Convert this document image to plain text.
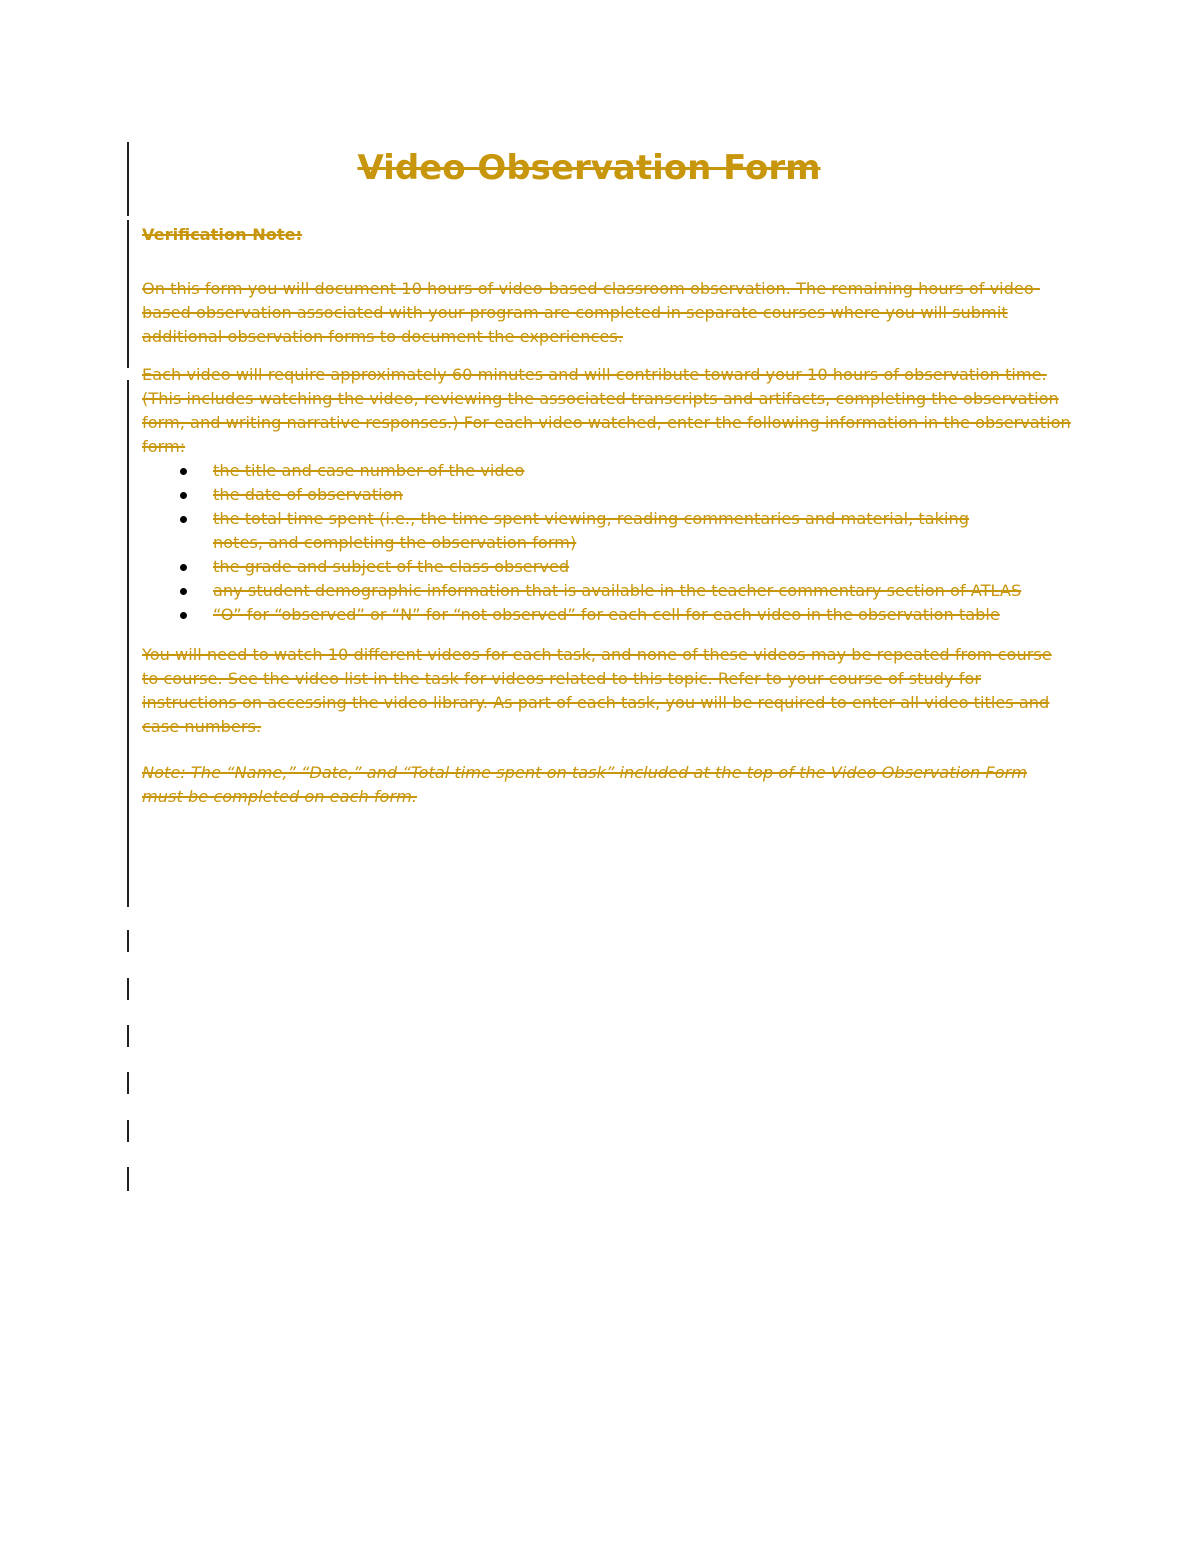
Video Observation Form

Verification Note:

On this form you will document 10 hours of video-based classroom observation. The remaining hours of video-based observation associated with your program are completed in separate courses where you will submit additional observation forms to document the experiences.

Each video will require approximately 60 minutes and will contribute toward your 10 hours of observation time. (This includes watching the video, reviewing the associated transcripts and artifacts, completing the observation form, and writing narrative responses.) For each video watched, enter the following information in the observation form:

the title and case number of the video
the date of observation
the total time spent (i.e., the time spent viewing, reading commentaries and material, taking notes, and completing the observation form)
the grade and subject of the class observed
any student demographic information that is available in the teacher commentary section of ATLAS
“O” for “observed” or “N” for “not observed” for each cell for each video in the observation table

You will need to watch 10 different videos for each task, and none of these videos may be repeated from course to course. See the video list in the task for videos related to this topic. Refer to your course of study for instructions on accessing the video library. As part of each task, you will be required to enter all video titles and case numbers.

Note: The “Name,” “Date,” and “Total time spent on task” included at the top of the Video Observation Form must be completed on each form.
